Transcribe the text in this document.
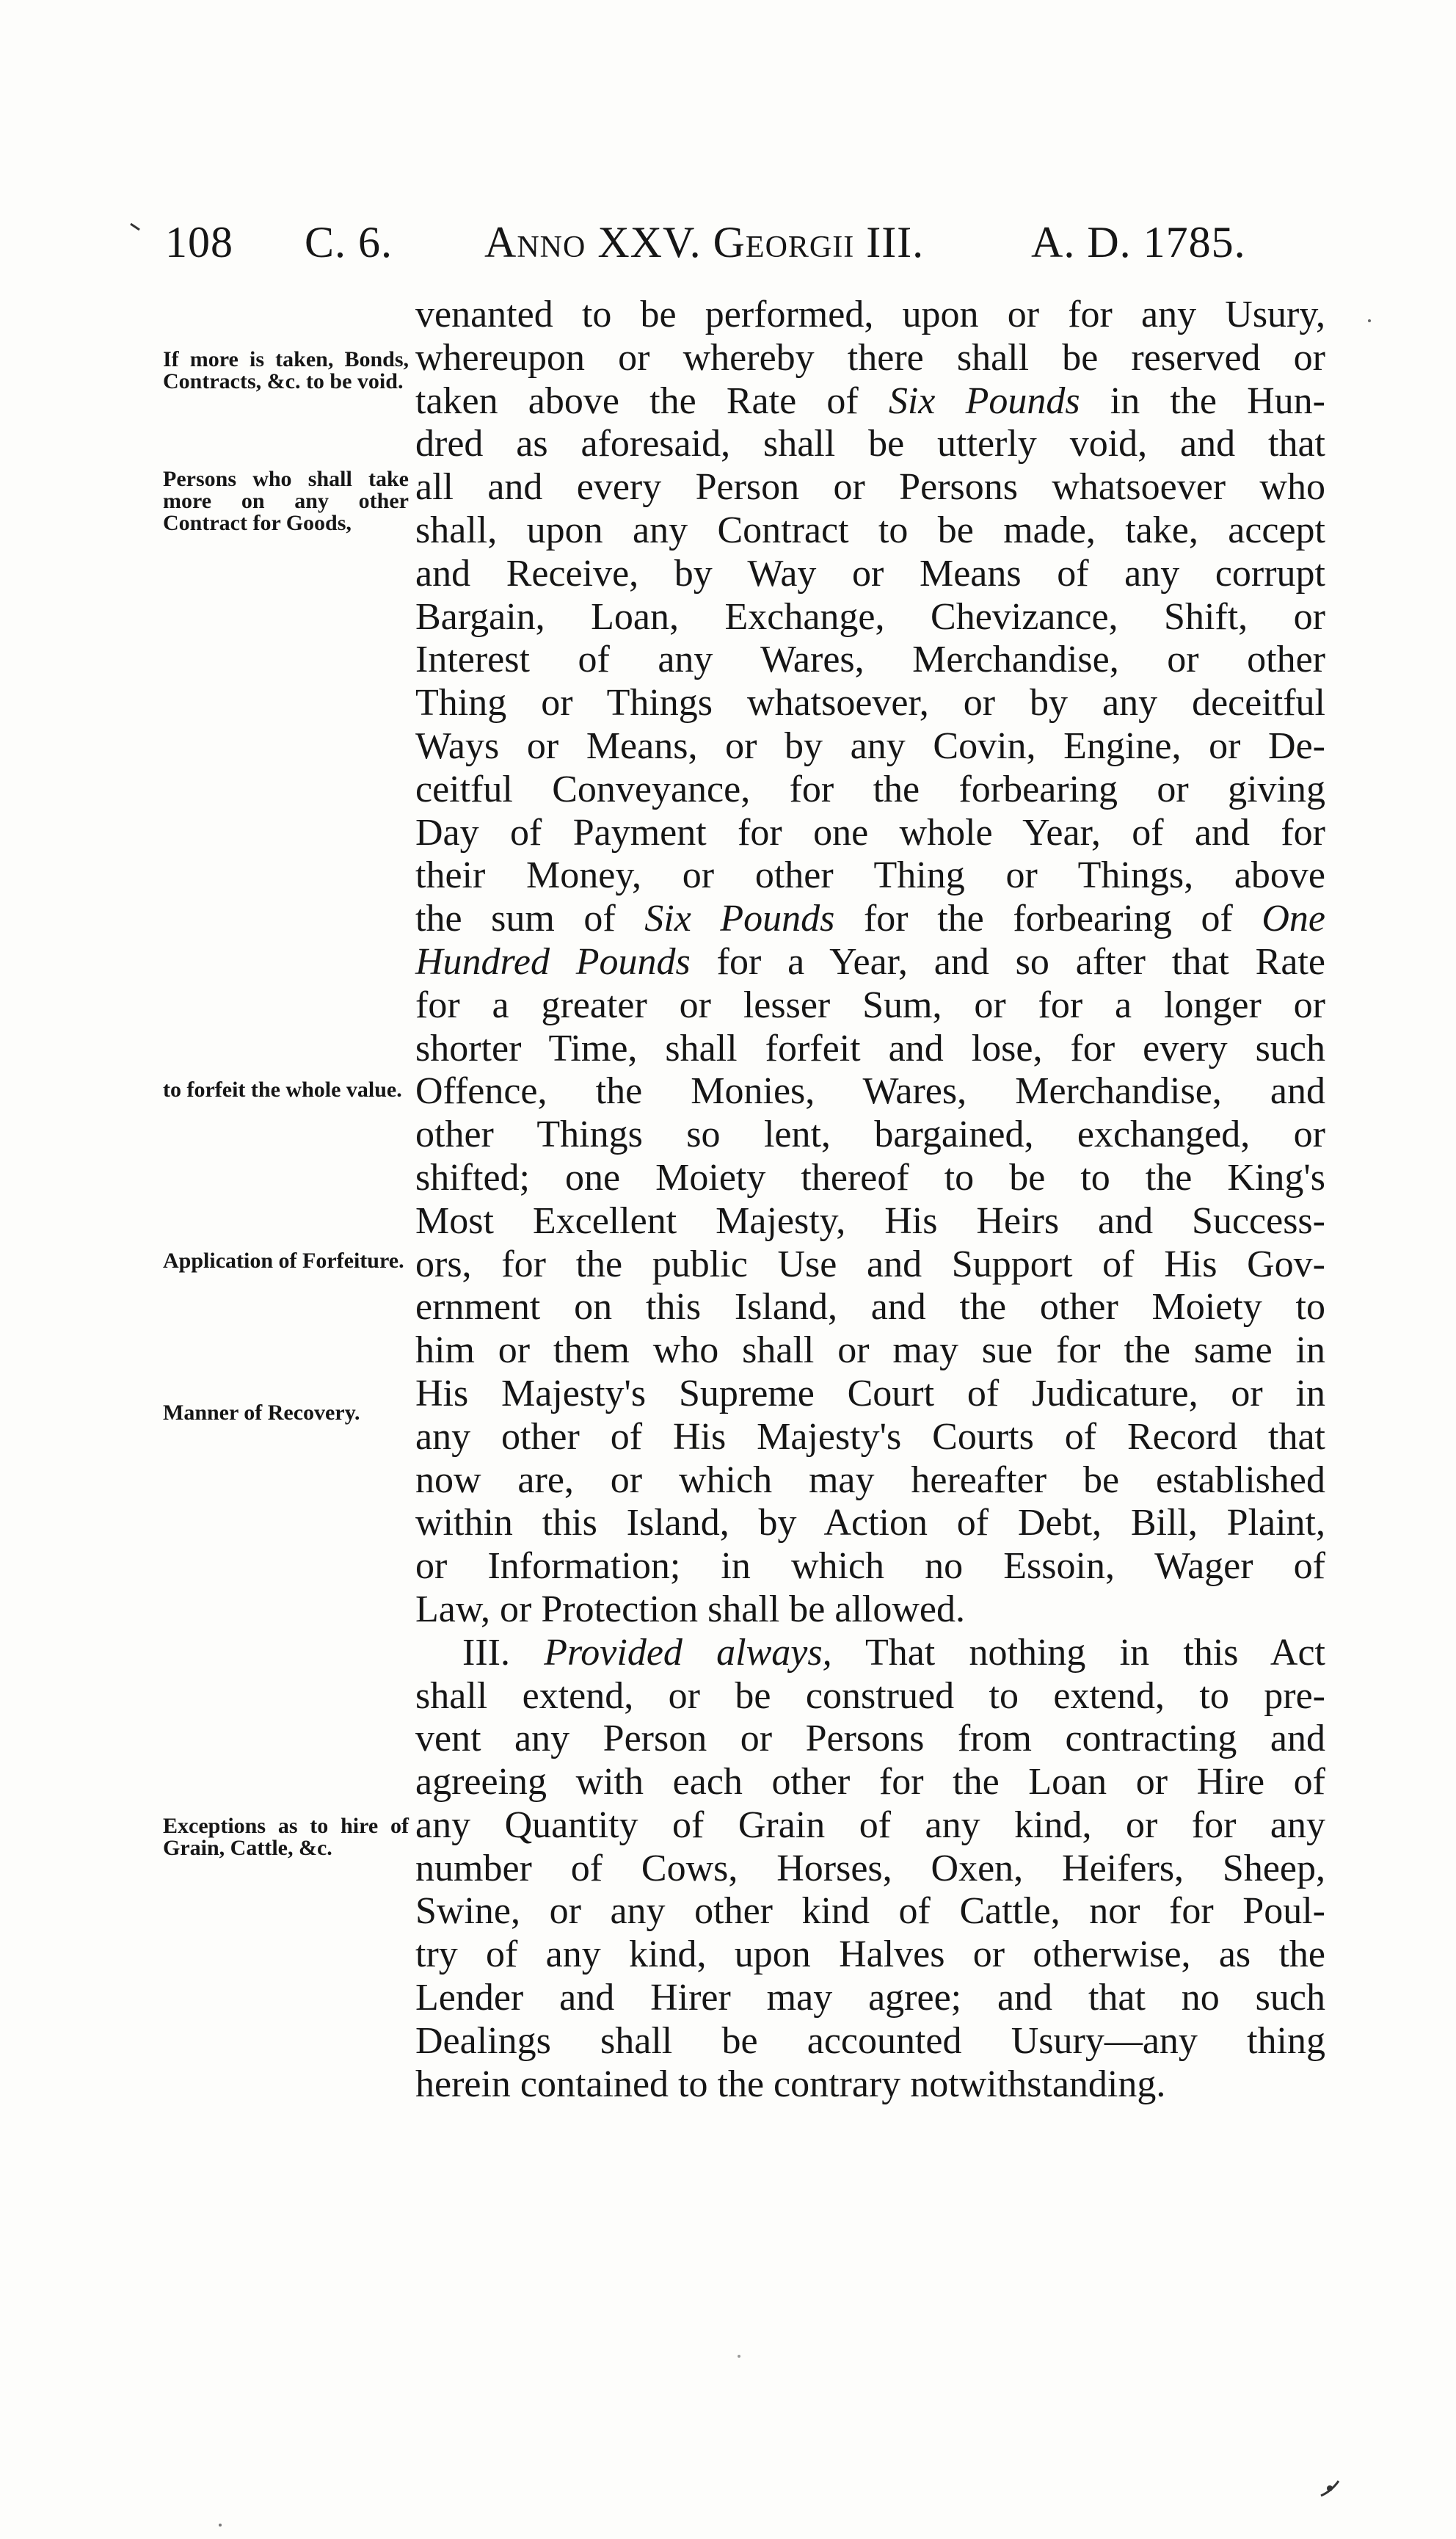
108 C. 6. Anno XXV. Georgii III. A. D. 1785.
If more is taken, Bonds, Contracts, &c. to be void.
Persons who shall take more on any other Contract for Goods,
to forfeit the whole value.
Application of Forfeiture.
Manner of Recovery.
Exceptions as to hire of Grain, Cattle, &c.
venanted to be performed, upon or for any Usury,
whereupon or whereby there shall be reserved or
taken above the Rate of Six Pounds in the Hun-
dred as aforesaid, shall be utterly void, and that
all and every Person or Persons whatsoever who
shall, upon any Contract to be made, take, accept
and Receive, by Way or Means of any corrupt
Bargain, Loan, Exchange, Chevizance, Shift, or
Interest of any Wares, Merchandise, or other
Thing or Things whatsoever, or by any deceitful
Ways or Means, or by any Covin, Engine, or De-
ceitful Conveyance, for the forbearing or giving
Day of Payment for one whole Year, of and for
their Money, or other Thing or Things, above
the sum of Six Pounds for the forbearing of One
Hundred Pounds for a Year, and so after that Rate
for a greater or lesser Sum, or for a longer or
shorter Time, shall forfeit and lose, for every such
Offence, the Monies, Wares, Merchandise, and
other Things so lent, bargained, exchanged, or
shifted; one Moiety thereof to be to the King's
Most Excellent Majesty, His Heirs and Success-
ors, for the public Use and Support of His Gov-
ernment on this Island, and the other Moiety to
him or them who shall or may sue for the same in
His Majesty's Supreme Court of Judicature, or in
any other of His Majesty's Courts of Record that
now are, or which may hereafter be established
within this Island, by Action of Debt, Bill, Plaint,
or Information; in which no Essoin, Wager of
Law, or Protection shall be allowed.
III. Provided always, That nothing in this Act
shall extend, or be construed to extend, to pre-
vent any Person or Persons from contracting and
agreeing with each other for the Loan or Hire of
any Quantity of Grain of any kind, or for any
number of Cows, Horses, Oxen, Heifers, Sheep,
Swine, or any other kind of Cattle, nor for Poul-
try of any kind, upon Halves or otherwise, as the
Lender and Hirer may agree; and that no such
Dealings shall be accounted Usury—any thing
herein contained to the contrary notwithstanding.
